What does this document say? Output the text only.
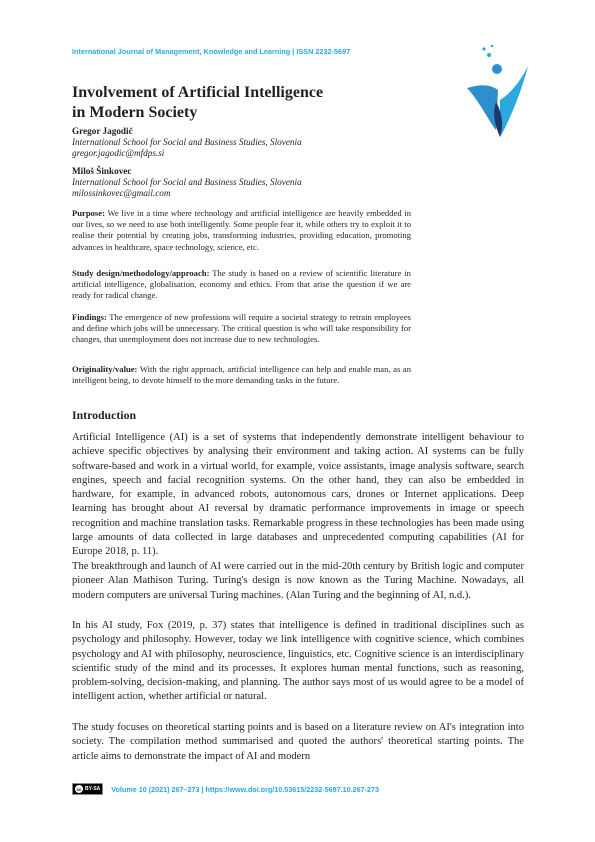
International Journal of Management, Knowledge and Learning | ISSN 2232-5697
Involvement of Artificial Intelligence
in Modern Society
Gregor Jagodič
International School for Social and Business Studies, Slovenia
gregor.jagodic@mfdps.si
Miloš Šinkovec
International School for Social and Business Studies, Slovenia
milossinkovec@gmail.com
Purpose: We live in a time where technology and artificial intelligence are heavily embedded in our lives, so we need to use both intelligently. Some people fear it, while others try to exploit it to realise their potential by creating jobs, transforming industries, providing education, promoting advances in healthcare, space technology, science, etc.
Study design/methodology/approach: The study is based on a review of scientific literature in artificial intelligence, globalisation, economy and ethics. From that arise the question if we are ready for radical change.
Findings: The emergence of new professions will require a societal strategy to retrain employees and define which jobs will be unnecessary. The critical question is who will take responsibility for changes, that unemployment does not increase due to new technologies.
Originality/value: With the right approach, artificial intelligence can help and enable man, as an intelligent being, to devote himself to the more demanding tasks in the future.
Introduction

Artificial Intelligence (AI) is a set of systems that independently demonstrate intelligent behaviour to achieve specific objectives by analysing their environment and taking action. AI systems can be fully software-based and work in a virtual world, for example, voice assistants, image analysis software, search engines, speech and facial recognition systems. On the other hand, they can also be embedded in hardware, for example, in advanced robots, autonomous cars, drones or Internet applications. Deep learning has brought about AI reversal by dramatic performance improvements in image or speech recognition and machine translation tasks. Remarkable progress in these technologies has been made using large amounts of data collected in large databases and unprecedented computing capabilities (AI for Europe 2018, p. 11).

The breakthrough and launch of AI were carried out in the mid-20th century by British logic and computer pioneer Alan Mathison Turing. Turing's design is now known as the Turing Machine. Nowadays, all modern computers are universal Turing machines. (Alan Turing and the beginning of AI, n.d.).

In his AI study, Fox (2019, p. 37) states that intelligence is defined in traditional disciplines such as psychology and philosophy. However, today we link intelligence with cognitive science, which combines psychology and AI with philosophy, neuroscience, linguistics, etc. Cognitive science is an interdisciplinary scientific study of the mind and its processes. It explores human mental functions, such as reasoning, problem-solving, decision-making, and planning. The author says most of us would agree to be a model of intelligent action, whether artificial or natural.

The study focuses on theoretical starting points and is based on a literature review on AI's integration into society. The compilation method summarised and quoted the authors' theoretical starting points. The article aims to demonstrate the impact of AI and modern

cc BY-SA Volume 10 (2021) 267–273 | https://www.doi.org/10.53615/2232-5697.10.267-273
